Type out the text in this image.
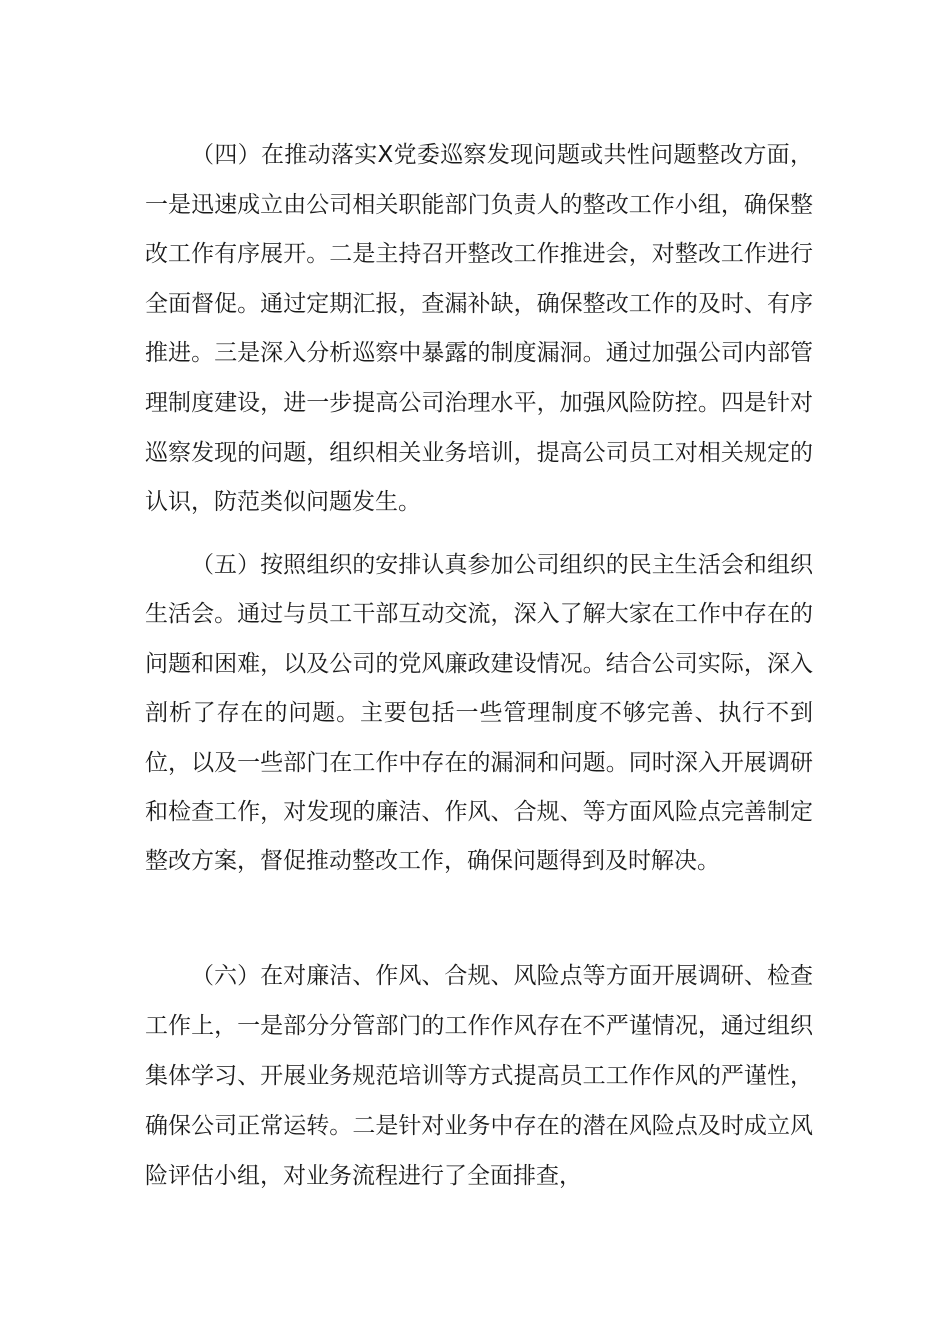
（四）在推动落实X党委巡察发现问题或共性问题整改方面，一是迅速成立由公司相关职能部门负责人的整改工作小组，确保整改工作有序展开。二是主持召开整改工作推进会，对整改工作进行全面督促。通过定期汇报，查漏补缺，确保整改工作的及时、有序推进。三是深入分析巡察中暴露的制度漏洞。通过加强公司内部管理制度建设，进一步提高公司治理水平，加强风险防控。四是针对巡察发现的问题，组织相关业务培训，提高公司员工对相关规定的认识，防范类似问题发生。

（五）按照组织的安排认真参加公司组织的民主生活会和组织生活会。通过与员工干部互动交流，深入了解大家在工作中存在的问题和困难，以及公司的党风廉政建设情况。结合公司实际，深入剖析了存在的问题。主要包括一些管理制度不够完善、执行不到位，以及一些部门在工作中存在的漏洞和问题。同时深入开展调研和检查工作，对发现的廉洁、作风、合规、等方面风险点完善制定整改方案，督促推动整改工作，确保问题得到及时解决。

（六）在对廉洁、作风、合规、风险点等方面开展调研、检查工作上，一是部分分管部门的工作作风存在不严谨情况，通过组织集体学习、开展业务规范培训等方式提高员工工作作风的严谨性，确保公司正常运转。二是针对业务中存在的潜在风险点及时成立风险评估小组，对业务流程进行了全面排查，
